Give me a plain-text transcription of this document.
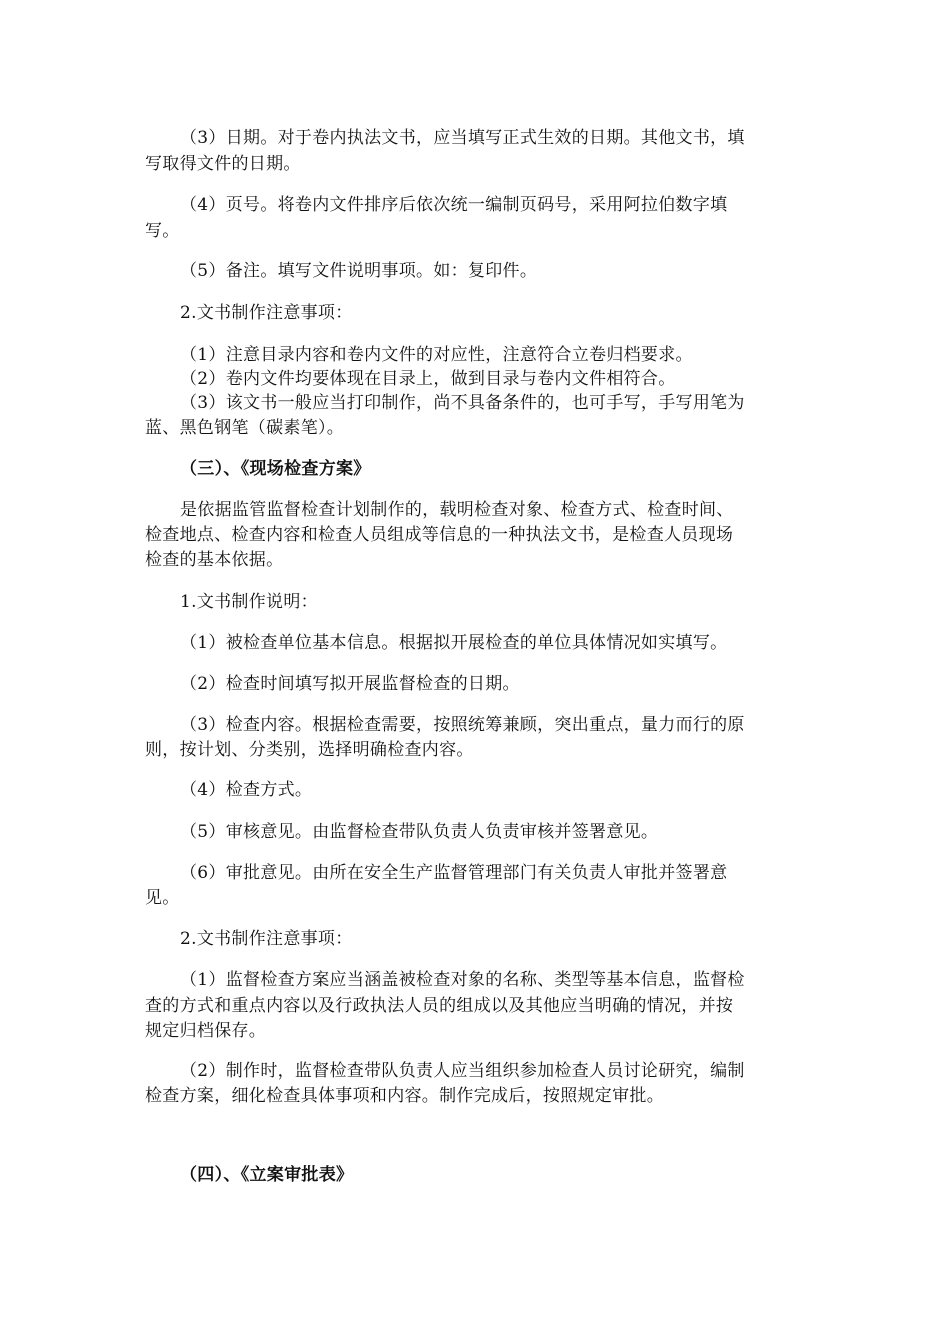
（3）日期。对于卷内执法文书，应当填写正式生效的日期。其他文书，填
写取得文件的日期。
（4）页号。将卷内文件排序后依次统一编制页码号，采用阿拉伯数字填
写。
（5）备注。填写文件说明事项。如：复印件。
2.文书制作注意事项：
（1）注意目录内容和卷内文件的对应性，注意符合立卷归档要求。
（2）卷内文件均要体现在目录上，做到目录与卷内文件相符合。
（3）该文书一般应当打印制作，尚不具备条件的，也可手写，手写用笔为
蓝、黑色钢笔（碳素笔）。
（三）、《现场检查方案》
是依据监管监督检查计划制作的，载明检查对象、检查方式、检查时间、
检查地点、检查内容和检查人员组成等信息的一种执法文书，是检查人员现场
检查的基本依据。
1.文书制作说明：
（1）被检查单位基本信息。根据拟开展检查的单位具体情况如实填写。
（2）检查时间填写拟开展监督检查的日期。
（3）检查内容。根据检查需要，按照统筹兼顾，突出重点，量力而行的原
则，按计划、分类别，选择明确检查内容。
（4）检查方式。
（5）审核意见。由监督检查带队负责人负责审核并签署意见。
（6）审批意见。由所在安全生产监督管理部门有关负责人审批并签署意
见。
2.文书制作注意事项：
（1）监督检查方案应当涵盖被检查对象的名称、类型等基本信息，监督检
查的方式和重点内容以及行政执法人员的组成以及其他应当明确的情况，并按
规定归档保存。
（2）制作时，监督检查带队负责人应当组织参加检查人员讨论研究，编制
检查方案，细化检查具体事项和内容。制作完成后，按照规定审批。
（四）、《立案审批表》
